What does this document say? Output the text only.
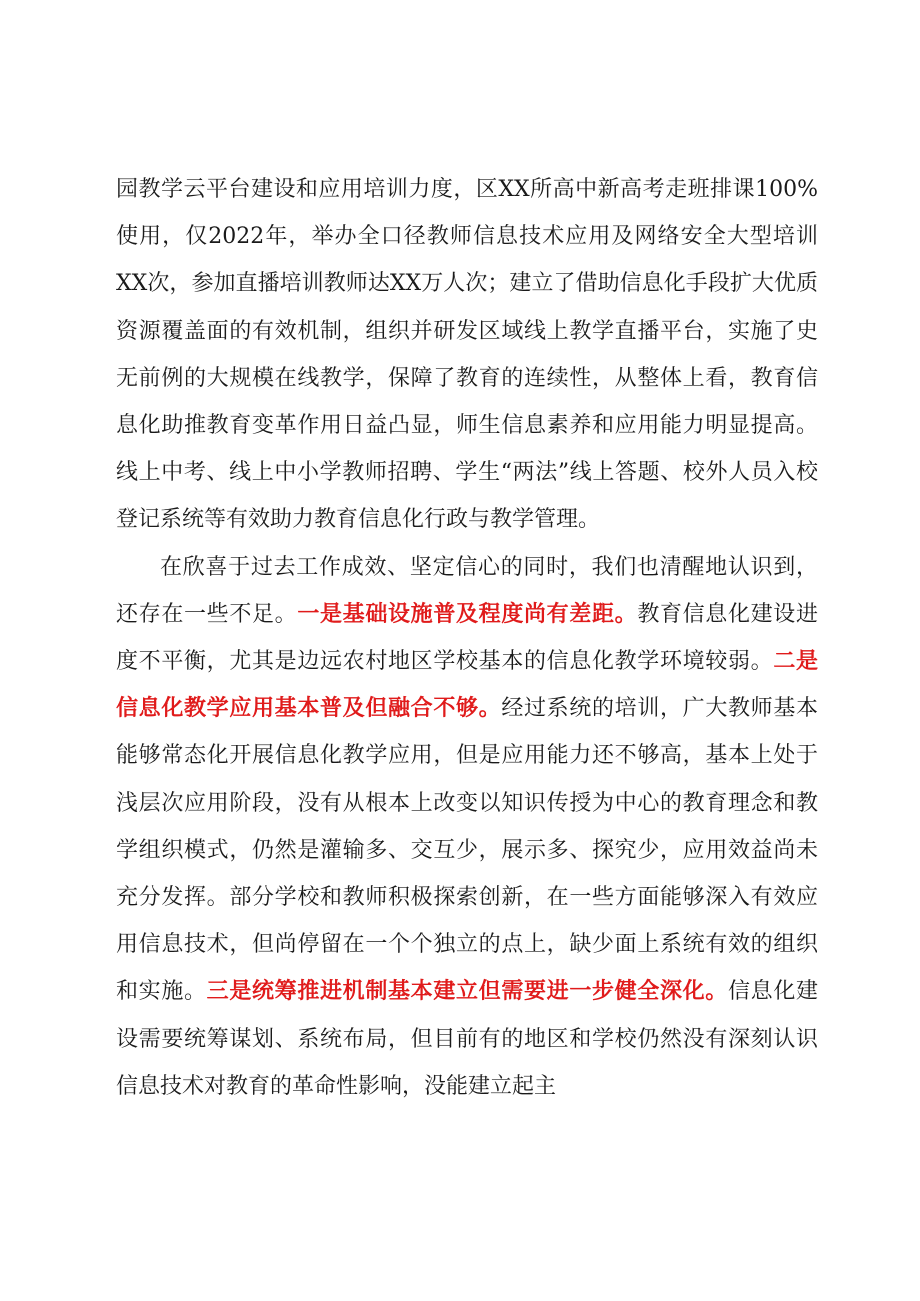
园教学云平台建设和应用培训力度，区XX所高中新高考走班排课100%使用，仅2022年，举办全口径教师信息技术应用及网络安全大型培训XX次，参加直播培训教师达XX万人次；建立了借助信息化手段扩大优质资源覆盖面的有效机制，组织并研发区域线上教学直播平台，实施了史无前例的大规模在线教学，保障了教育的连续性，从整体上看，教育信息化助推教育变革作用日益凸显，师生信息素养和应用能力明显提高。线上中考、线上中小学教师招聘、学生“两法”线上答题、校外人员入校登记系统等有效助力教育信息化行政与教学管理。

在欣喜于过去工作成效、坚定信心的同时，我们也清醒地认识到，还存在一些不足。一是基础设施普及程度尚有差距。教育信息化建设进度不平衡，尤其是边远农村地区学校基本的信息化教学环境较弱。二是信息化教学应用基本普及但融合不够。经过系统的培训，广大教师基本能够常态化开展信息化教学应用，但是应用能力还不够高，基本上处于浅层次应用阶段，没有从根本上改变以知识传授为中心的教育理念和教学组织模式，仍然是灌输多、交互少，展示多、探究少，应用效益尚未充分发挥。部分学校和教师积极探索创新，在一些方面能够深入有效应用信息技术，但尚停留在一个个独立的点上，缺少面上系统有效的组织和实施。三是统筹推进机制基本建立但需要进一步健全深化。信息化建设需要统筹谋划、系统布局，但目前有的地区和学校仍然没有深刻认识信息技术对教育的革命性影响，没能建立起主
